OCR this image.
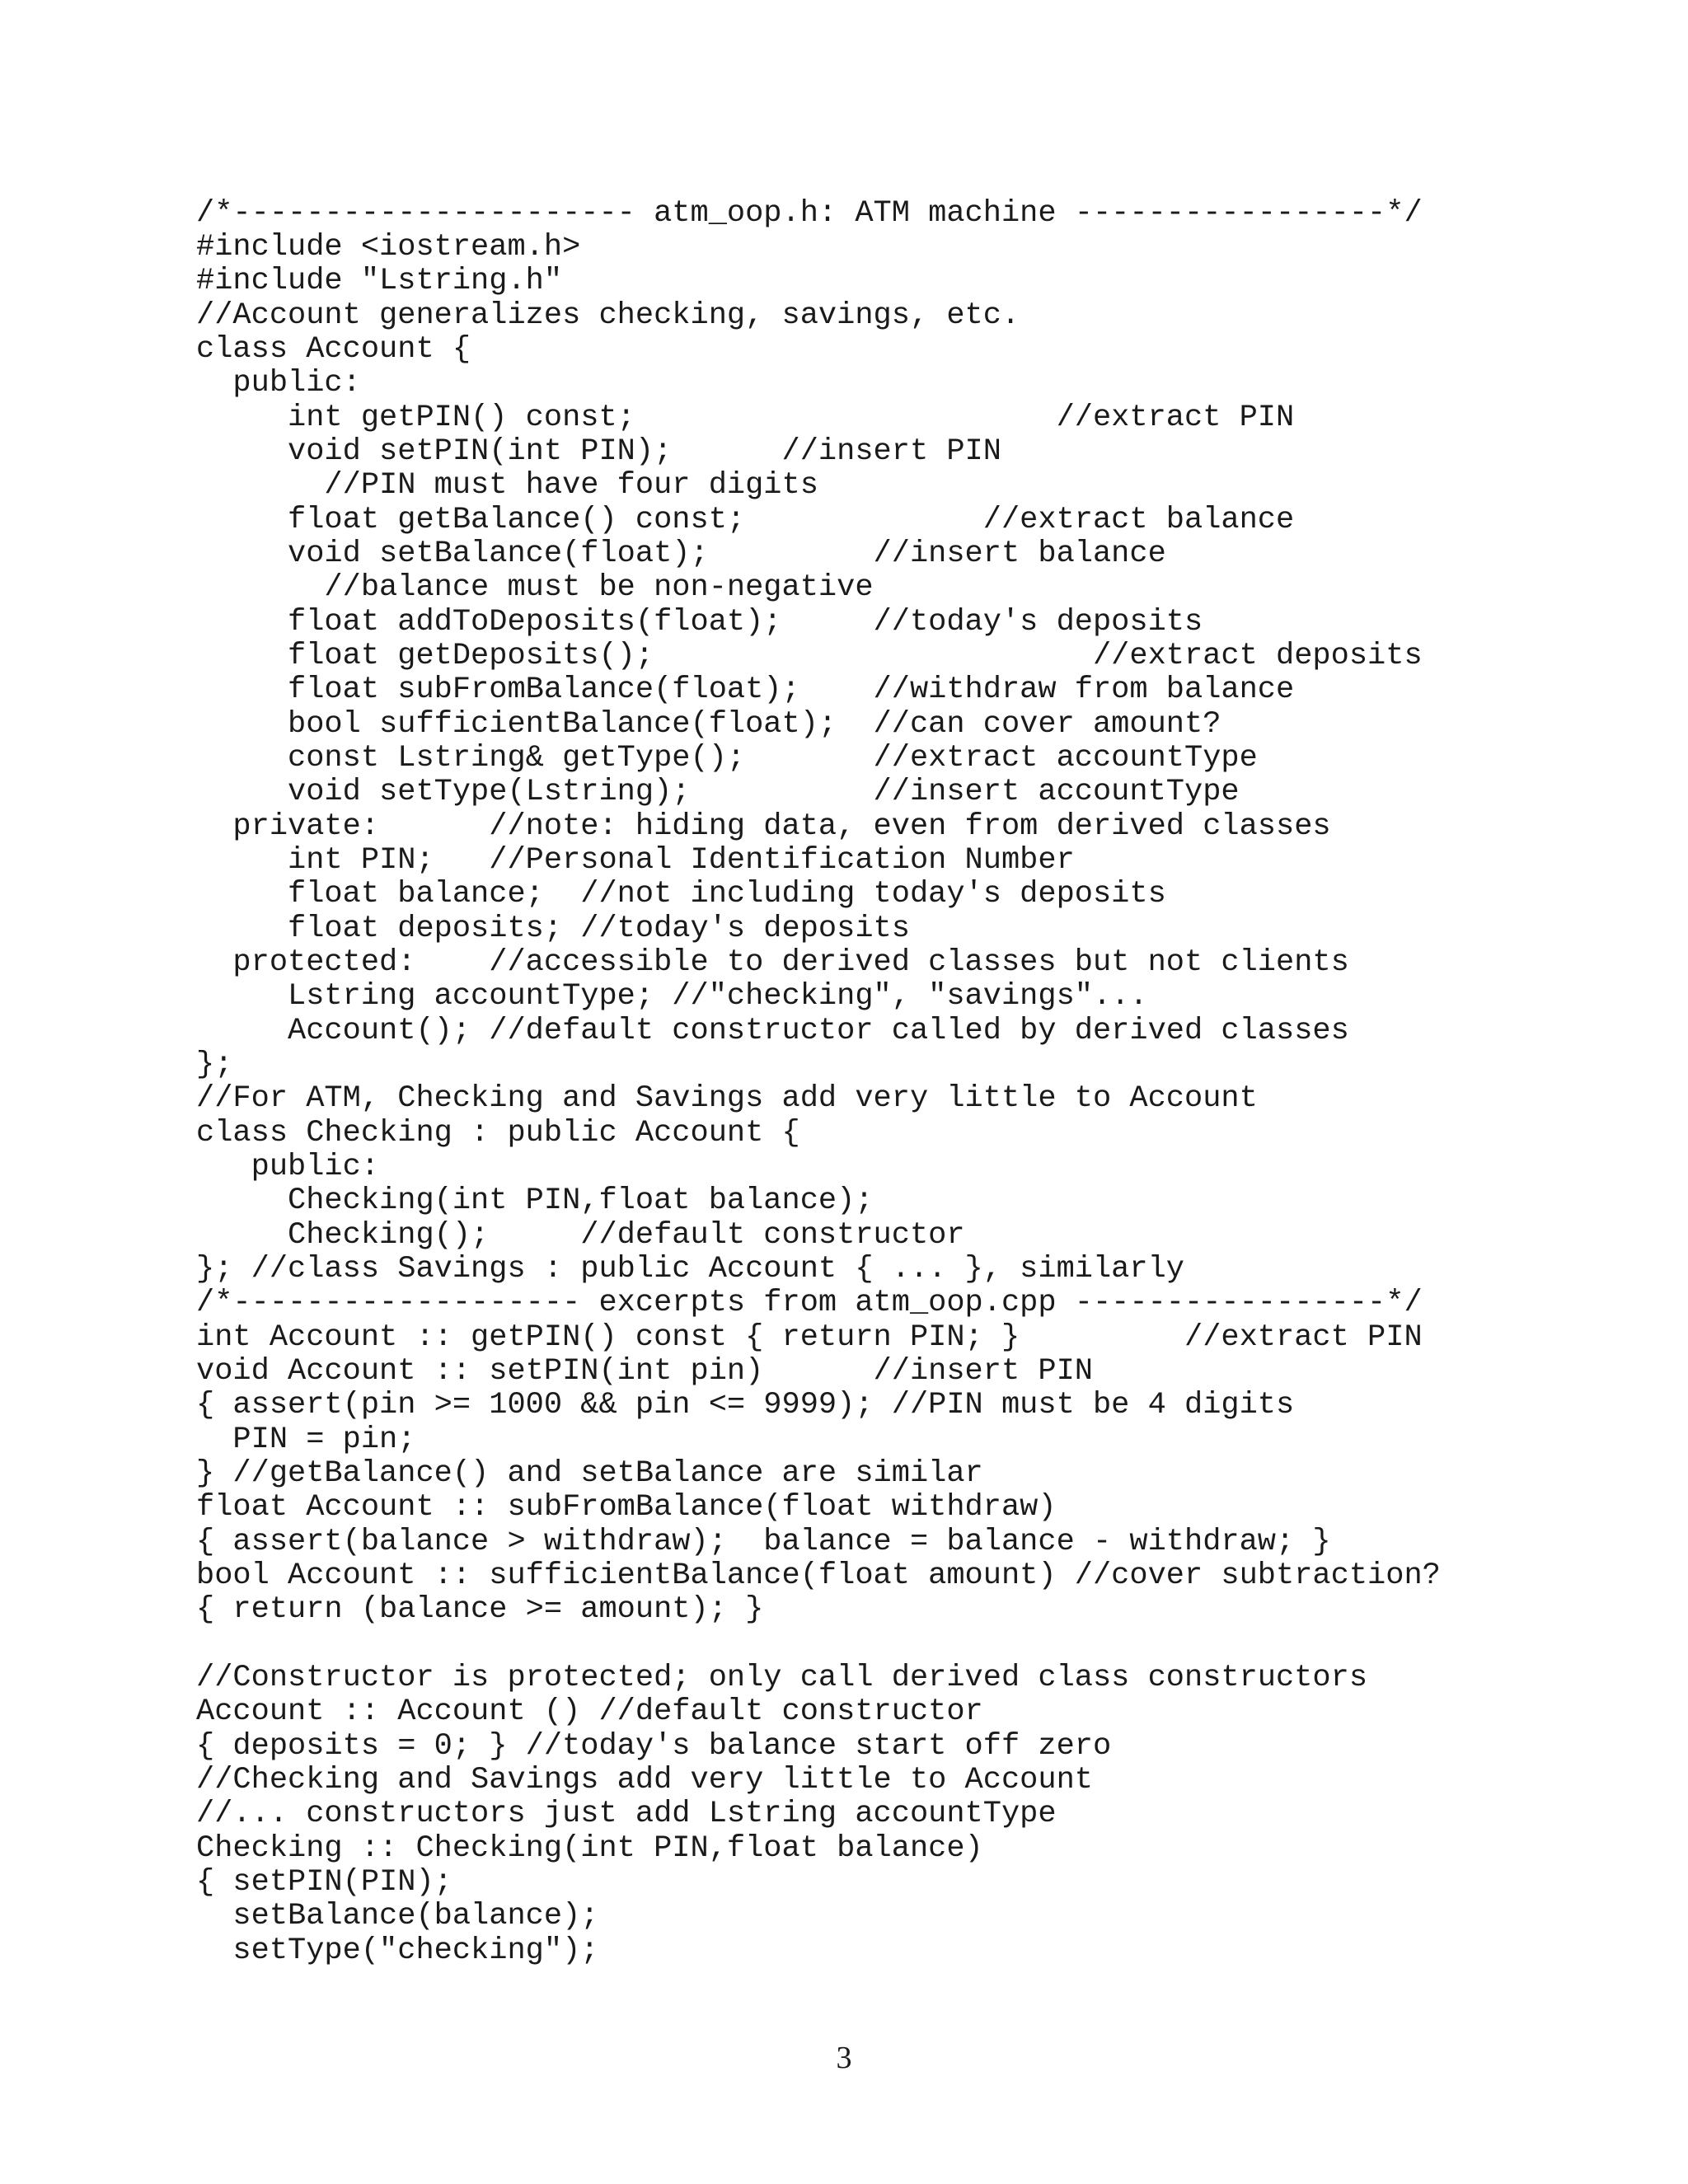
/*---------------------- atm_oop.h: ATM machine -----------------*/
#include <iostream.h>
#include "Lstring.h"
//Account generalizes checking, savings, etc.
class Account {
public:
int getPIN() const;                       //extract PIN
void setPIN(int PIN);      //insert PIN
//PIN must have four digits
float getBalance() const;             //extract balance
void setBalance(float);         //insert balance
//balance must be non-negative
float addToDeposits(float);     //today's deposits
float getDeposits();                        //extract deposits
float subFromBalance(float);    //withdraw from balance
bool sufficientBalance(float);  //can cover amount?
const Lstring& getType();       //extract accountType
void setType(Lstring);          //insert accountType
private:      //note: hiding data, even from derived classes
int PIN;   //Personal Identification Number
float balance;  //not including today's deposits
float deposits; //today's deposits
protected:    //accessible to derived classes but not clients
Lstring accountType; //"checking", "savings"...
Account(); //default constructor called by derived classes
};
//For ATM, Checking and Savings add very little to Account
class Checking : public Account {
public:
Checking(int PIN,float balance);
Checking();     //default constructor
}; //class Savings : public Account { ... }, similarly
/*------------------- excerpts from atm_oop.cpp -----------------*/
int Account :: getPIN() const { return PIN; }         //extract PIN
void Account :: setPIN(int pin)      //insert PIN
{ assert(pin >= 1000 && pin <= 9999); //PIN must be 4 digits
PIN = pin;
} //getBalance() and setBalance are similar
float Account :: subFromBalance(float withdraw)
{ assert(balance > withdraw);  balance = balance - withdraw; }
bool Account :: sufficientBalance(float amount) //cover subtraction?
{ return (balance >= amount); }
//Constructor is protected; only call derived class constructors
Account :: Account () //default constructor
{ deposits = 0; } //today's balance start off zero
//Checking and Savings add very little to Account
//... constructors just add Lstring accountType
Checking :: Checking(int PIN,float balance)
{ setPIN(PIN);
setBalance(balance);
setType("checking");
3
